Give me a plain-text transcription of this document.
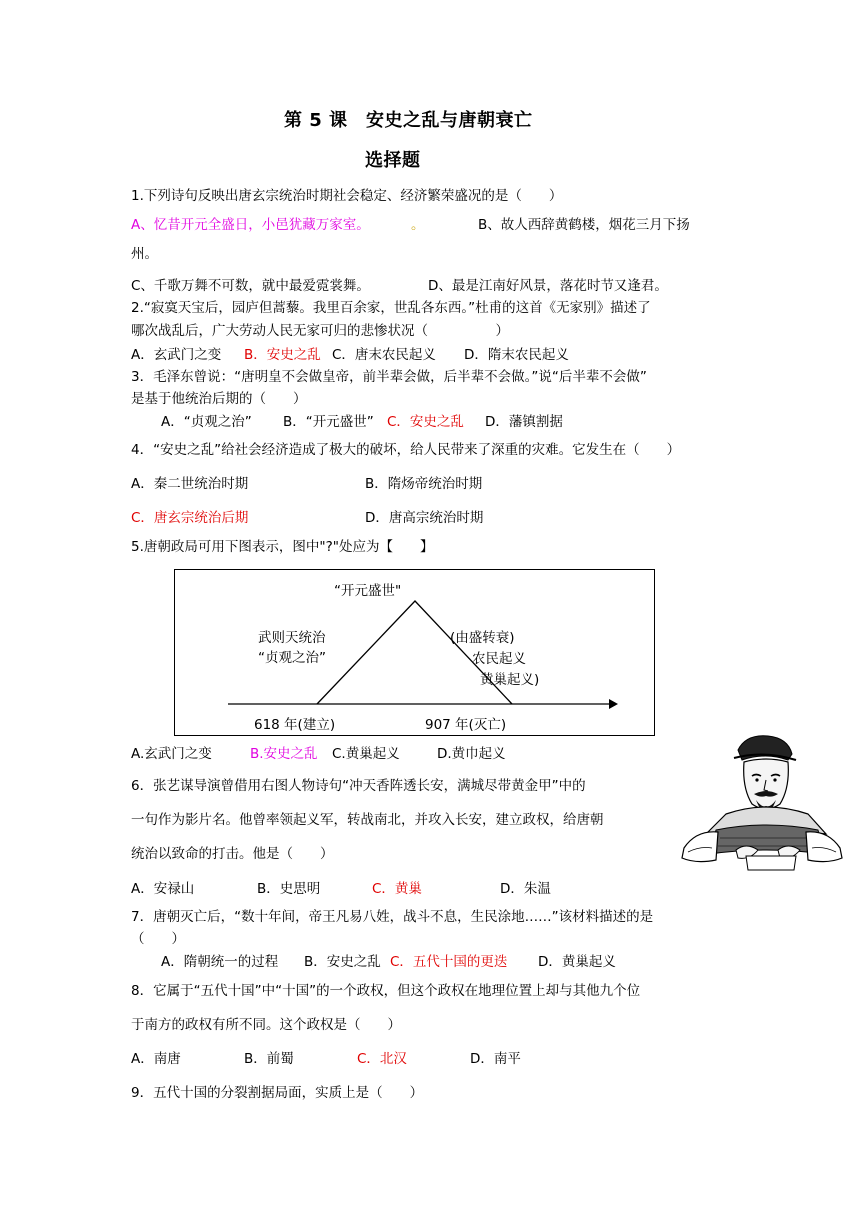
第 5 课　安史之乱与唐朝衰亡
选择题
1.下列诗句反映出唐玄宗统治时期社会稳定、经济繁荣盛况的是（　　）
A、忆昔开元全盛日，小邑犹藏万家室。	。	B、故人西辞黄鹤楼，烟花三月下扬
州。
C、千歌万舞不可数，就中最爱霓裳舞。	D、最是江南好风景，落花时节又逢君。
2.“寂寞天宝后，园庐但蒿藜。我里百余家，世乱各东西。”杜甫的这首《无家别》描述了
哪次战乱后，广大劳动人民无家可归的悲惨状况（　　　　　）
A．玄武门之变 B．安史之乱 C．唐末农民起义 D．隋末农民起义
3．毛泽东曾说：“唐明皇不会做皇帝，前半辈会做，后半辈不会做。”说“后半辈不会做”
是基于他统治后期的（　　）
A．“贞观之治” B．“开元盛世” C．安史之乱 D．藩镇割据
4．“安史之乱”给社会经济造成了极大的破坏，给人民带来了深重的灾难。它发生在（　　）
A．秦二世统治时期	B．隋炀帝统治时期
C．唐玄宗统治后期	D．唐高宗统治时期
5.唐朝政局可用下图表示，图中"?"处应为【　　】
“开元盛世"
武则天统治
“贞观之治”
(由盛转衰)
农民起义
黄巢起义)
618 年(建立)	907 年(灭亡)
A.玄武门之变	B.安史之乱 C.黄巢起义	D.黄巾起义
6．张艺谋导演曾借用右图人物诗句“冲天香阵透长安，满城尽带黄金甲”中的
一句作为影片名。他曾率领起义军，转战南北，并攻入长安，建立政权，给唐朝
统治以致命的打击。他是（　　）
A．安禄山	B．史思明	C．黄巢	D．朱温
7．唐朝灭亡后，“数十年间，帝王凡易八姓，战斗不息，生民涂地……”该材料描述的是
（　　）
A．隋朝统一的过程 B．安史之乱 C．五代十国的更迭 D．黄巢起义
8．它属于“五代十国”中“十国”的一个政权，但这个政权在地理位置上却与其他九个位
于南方的政权有所不同。这个政权是（　　）
A．南唐	B．前蜀	C．北汉	D．南平
9．五代十国的分裂割据局面，实质上是（　　）
